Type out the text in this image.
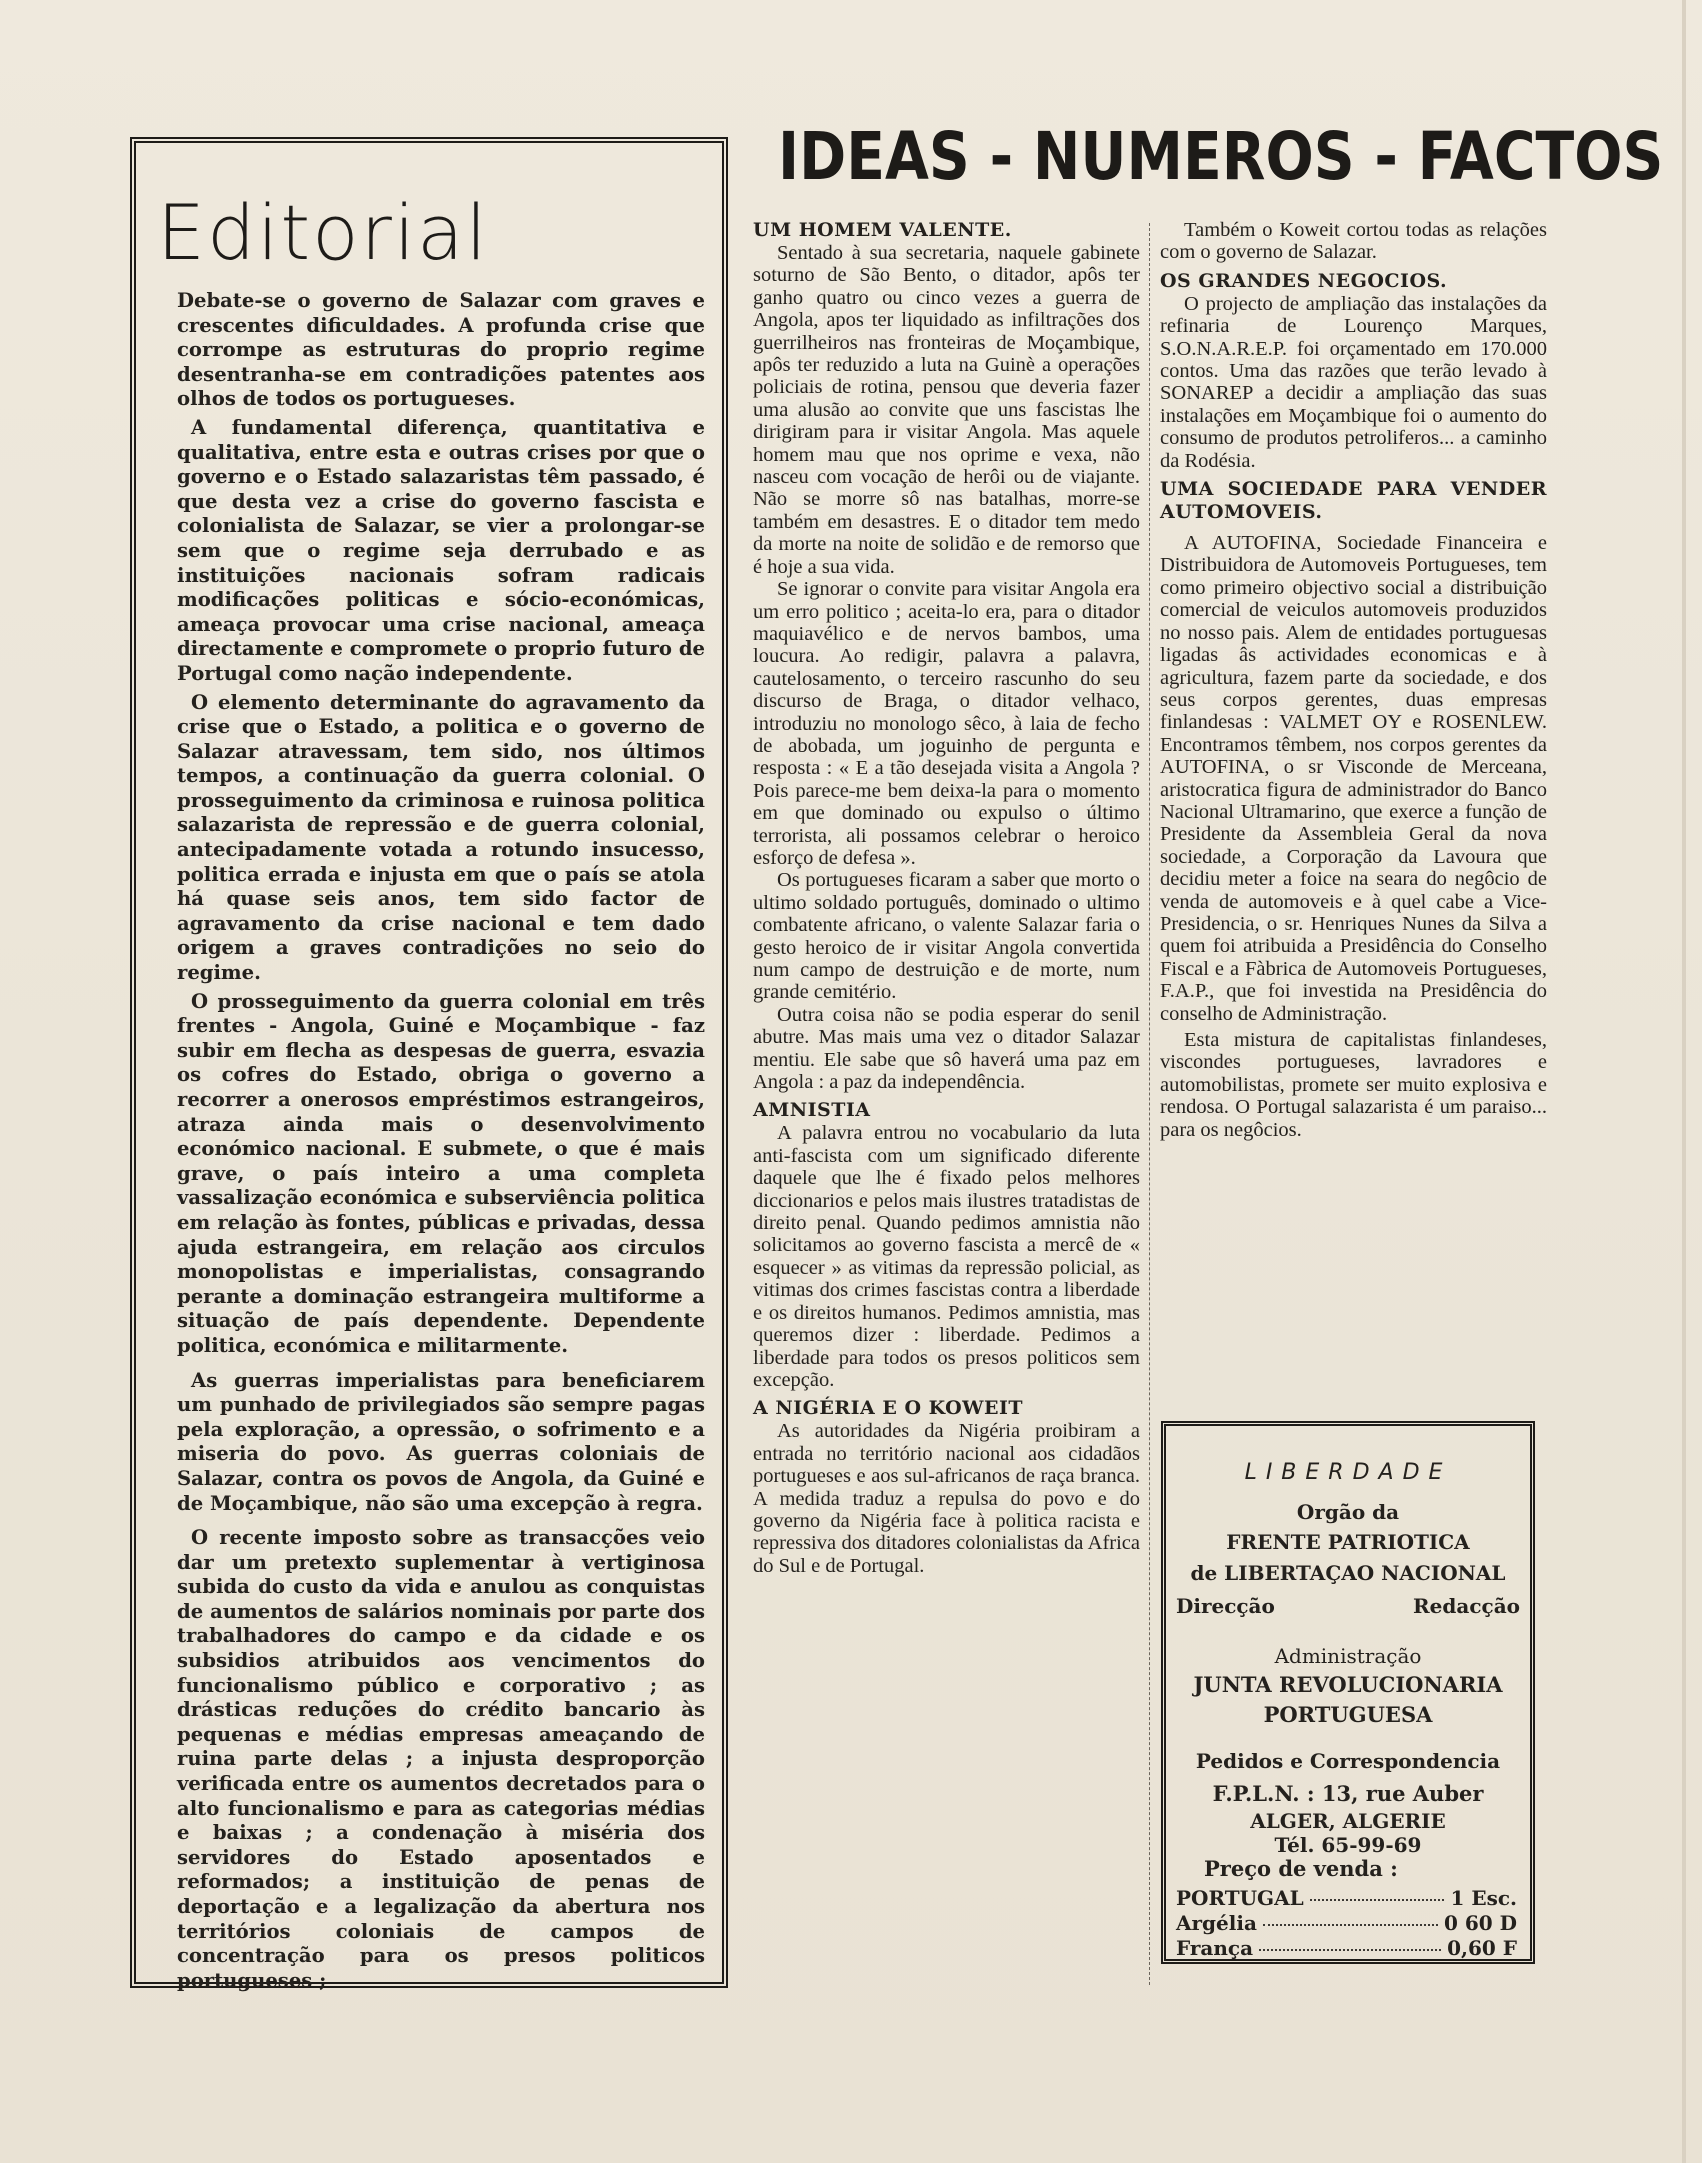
Editorial

Debate-se o governo de Salazar com graves e crescentes dificuldades. A profunda crise que corrompe as estruturas do proprio regime desentranha-se em contradições patentes aos olhos de todos os portugueses.

A fundamental diferença, quantitativa e qualitativa, entre esta e outras crises por que o governo e o Estado salazaristas têm passado, é que desta vez a crise do governo fascista e colonialista de Salazar, se vier a prolongar-se sem que o regime seja derrubado e as instituições nacionais sofram radicais modificações politicas e sócio-económicas, ameaça provocar uma crise nacional, ameaça directamente e compromete o proprio futuro de Portugal como nação independente.

O elemento determinante do agravamento da crise que o Estado, a politica e o governo de Salazar atravessam, tem sido, nos últimos tempos, a continuação da guerra colonial. O prosseguimento da criminosa e ruinosa politica salazarista de repressão e de guerra colonial, antecipadamente votada a rotundo insucesso, politica errada e injusta em que o país se atola há quase seis anos, tem sido factor de agravamento da crise nacional e tem dado origem a graves contradições no seio do regime.

O prosseguimento da guerra colonial em três frentes - Angola, Guiné e Moçambique - faz subir em flecha as despesas de guerra, esvazia os cofres do Estado, obriga o governo a recorrer a onerosos empréstimos estrangeiros, atraza ainda mais o desenvolvimento económico nacional. E submete, o que é mais grave, o país inteiro a uma completa vassalização económica e subserviência politica em relação às fontes, públicas e privadas, dessa ajuda estrangeira, em relação aos circulos monopolistas e imperialistas, consagrando perante a dominação estrangeira multiforme a situação de país dependente. Dependente politica, económica e militarmente.

As guerras imperialistas para beneficiarem um punhado de privilegiados são sempre pagas pela exploração, a opressão, o sofrimento e a miseria do povo. As guerras coloniais de Salazar, contra os povos de Angola, da Guiné e de Moçambique, não são uma excepção à regra.

O recente imposto sobre as transacções veio dar um pretexto suplementar à vertiginosa subida do custo da vida e anulou as conquistas de aumentos de salários nominais por parte dos trabalhadores do campo e da cidade e os subsidios atribuidos aos vencimentos do funcionalismo público e corporativo ; as drásticas reduções do crédito bancario às pequenas e médias empresas ameaçando de ruina parte delas ; a injusta desproporção verificada entre os aumentos decretados para o alto funcionalismo e para as categorias médias e baixas ; a condenação à miséria dos servidores do Estado aposentados e reformados; a instituição de penas de deportação e a legalização da abertura nos territórios coloniais de campos de concentração para os presos politicos portugueses ;

IDEAS - NUMEROS - FACTOS
UM HOMEM VALENTE.

Sentado à sua secretaria, naquele gabinete soturno de São Bento, o ditador, apôs ter ganho quatro ou cinco vezes a guerra de Angola, apos ter liquidado as infiltrações dos guerrilheiros nas fronteiras de Moçambique, apôs ter reduzido a luta na Guinè a operações policiais de rotina, pensou que deveria fazer uma alusão ao convite que uns fascistas lhe dirigiram para ir visitar Angola. Mas aquele homem mau que nos oprime e vexa, não nasceu com vocação de herôi ou de viajante. Não se morre sô nas batalhas, morre-se também em desastres. E o ditador tem medo da morte na noite de solidão e de remorso que é hoje a sua vida.

Se ignorar o convite para visitar Angola era um erro politico ; aceita-lo era, para o ditador maquiavélico e de nervos bambos, uma loucura. Ao redigir, palavra a palavra, cautelosamento, o terceiro rascunho do seu discurso de Braga, o ditador velhaco, introduziu no monologo sêco, à laia de fecho de abobada, um joguinho de pergunta e resposta : « E a tão desejada visita a Angola ? Pois parece-me bem deixa-la para o momento em que dominado ou expulso o último terrorista, ali possamos celebrar o heroico esforço de defesa ».

Os portugueses ficaram a saber que morto o ultimo soldado português, dominado o ultimo combatente africano, o valente Salazar faria o gesto heroico de ir visitar Angola convertida num campo de destruição e de morte, num grande cemitério.

Outra coisa não se podia esperar do senil abutre. Mas mais uma vez o ditador Salazar mentiu. Ele sabe que sô haverá uma paz em Angola : a paz da independência.

AMNISTIA

A palavra entrou no vocabulario da luta anti-fascista com um significado diferente daquele que lhe é fixado pelos melhores diccionarios e pelos mais ilustres tratadistas de direito penal. Quando pedimos amnistia não solicitamos ao governo fascista a mercê de « esquecer » as vitimas da repressão policial, as vitimas dos crimes fascistas contra a liberdade e os direitos humanos. Pedimos amnistia, mas queremos dizer : liberdade. Pedimos a liberdade para todos os presos politicos sem excepção.

A NIGÉRIA E O KOWEIT

As autoridades da Nigéria proibiram a entrada no território nacional aos cidadãos portugueses e aos sul-africanos de raça branca. A medida traduz a repulsa do povo e do governo da Nigéria face à politica racista e repressiva dos ditadores colonialistas da Africa do Sul e de Portugal.

Também o Koweit cortou todas as relações com o governo de Salazar.

OS GRANDES NEGOCIOS.

O projecto de ampliação das instalações da refinaria de Lourenço Marques, S.O.N.A.R.E.P. foi orçamentado em 170.000 contos. Uma das razões que terão levado à SONAREP a decidir a ampliação das suas instalações em Moçambique foi o aumento do consumo de produtos petroliferos... a caminho da Rodésia.

UMA SOCIEDADE PARA VENDER AUTOMOVEIS.

A AUTOFINA, Sociedade Financeira e Distribuidora de Automoveis Portugueses, tem como primeiro objectivo social a distribuição comercial de veiculos automoveis produzidos no nosso pais. Alem de entidades portuguesas ligadas âs actividades economicas e à agricultura, fazem parte da sociedade, e dos seus corpos gerentes, duas empresas finlandesas : VALMET OY e ROSENLEW. Encontramos têmbem, nos corpos gerentes da AUTOFINA, o sr Visconde de Merceana, aristocratica figura de administrador do Banco Nacional Ultramarino, que exerce a função de Presidente da Assembleia Geral da nova sociedade, a Corporação da Lavoura que decidiu meter a foice na seara do negôcio de venda de automoveis e à quel cabe a Vice-Presidencia, o sr. Henriques Nunes da Silva a quem foi atribuida a Presidência do Conselho Fiscal e a Fàbrica de Automoveis Portugueses, F.A.P., que foi investida na Presidência do conselho de Administração.

Esta mistura de capitalistas finlandeses, viscondes portugueses, lavradores e automobilistas, promete ser muito explosiva e rendosa. O Portugal salazarista é um paraiso... para os negôcios.

LIBERDADE
Orgão da
FRENTE PATRIOTICA
de LIBERTAÇAO NACIONAL
Direcção	Redacção
Administração
JUNTA REVOLUCIONARIA
PORTUGUESA
Pedidos e Correspondencia
F.P.L.N. : 13, rue Auber
ALGER, ALGERIE
Tél. 65-99-69
Preço de venda :
PORTUGAL	1 Esc.
Argélia	0 60 D
França	0,60 F
